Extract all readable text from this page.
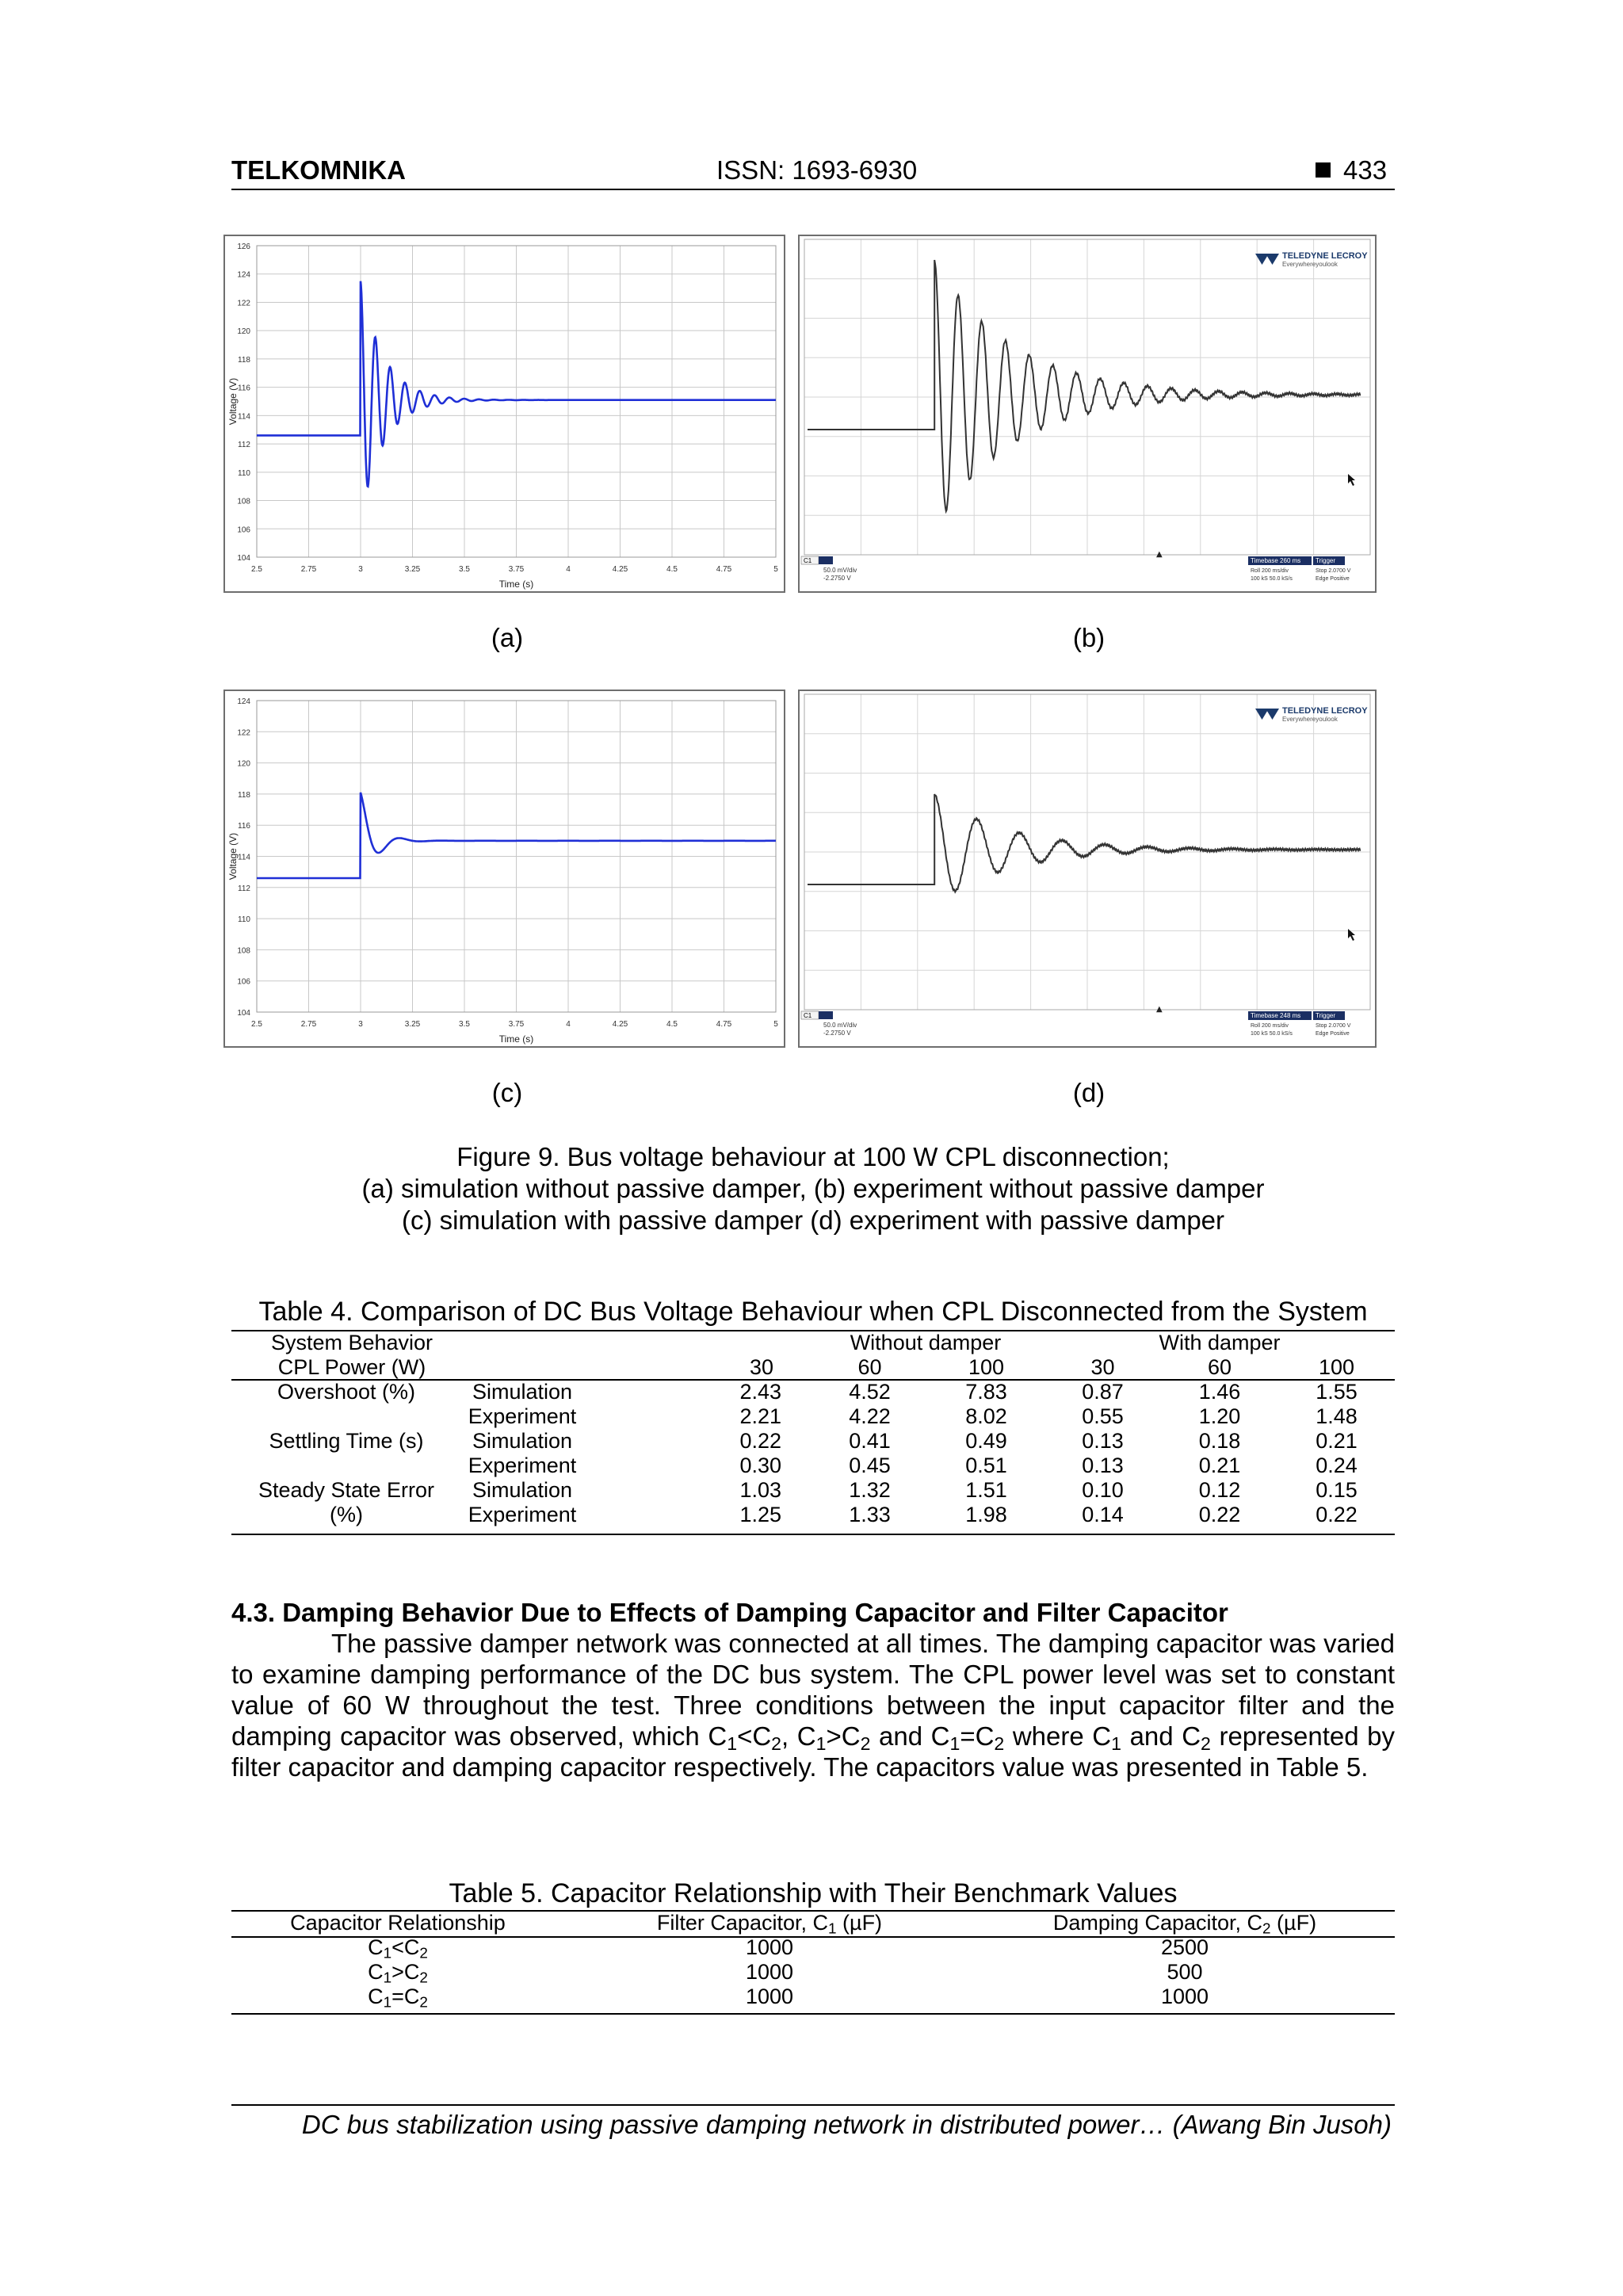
TELKOMNIKA	ISSN: 1693-6930	433
126
124
122
120
118
116
114
112
110
108
106
104
2.5	2.75	3	3.25	3.5	3.75	4	4.25	4.5	4.75	5
Time (s)
Voltage (V)
TELEDYNE LECROY
Everywhereyoulook
▲
C1
50.0 mV/div
-2.2750 V
Timebase 260 ms Trigger
Roll 200 ms/div	Stop 2.0700 V
100 kS 50.0 kS/s	Edge Positive
(a)	(b)
124
122
120
118
116
114
112
110
108
106
104
2.5	2.75	3	3.25	3.5	3.75	4	4.25	4.5	4.75	5
Time (s)
Voltage (V)
TELEDYNE LECROY
Everywhereyoulook
▲
C1
50.0 mV/div
-2.2750 V
Timebase 248 ms Trigger
Roll 200 ms/div	Stop 2.0700 V
100 kS 50.0 kS/s	Edge Positive
(c)	(d)
Figure 9. Bus voltage behaviour at 100 W CPL disconnection;
(a) simulation without passive damper, (b) experiment without passive damper
(c) simulation with passive damper (d) experiment with passive damper
Table 4. Comparison of DC Bus Voltage Behaviour when CPL Disconnected from the System
System Behavior		Without damper			With damper		
CPL Power (W)		30	60	100	30	60	100
Overshoot (%)	Simulation	2.43	4.52	7.83	0.87	1.46	1.55
	Experiment	2.21	4.22	8.02	0.55	1.20	1.48
Settling Time (s)	Simulation	0.22	0.41	0.49	0.13	0.18	0.21
	Experiment	0.30	0.45	0.51	0.13	0.21	0.24
Steady State Error	Simulation	1.03	1.32	1.51	0.10	0.12	0.15
(%)	Experiment	1.25	1.33	1.98	0.14	0.22	0.22
4.3. Damping Behavior Due to Effects of Damping Capacitor and Filter Capacitor
The passive damper network was connected at all times. The damping capacitor was varied to examine damping performance of the DC bus system. The CPL power level was set to constant value of 60 W throughout the test. Three conditions between the input capacitor filter and the damping capacitor was observed, which $C_1<C_2$, $C_1>C_2$ and $C_1=C_2$ where $C_1$ and $C_2$ represented by filter capacitor and damping capacitor respectively. The capacitors value was presented in Table 5.
Table 5. Capacitor Relationship with Their Benchmark Values
Capacitor Relationship	Filter Capacitor, $C_1$ (µF)	Damping Capacitor, $C_2$ (µF)
$C_1<C_2$	1000	2500
$C_1>C_2$	1000	500
$C_1=C_2$	1000	1000
DC bus stabilization using passive damping network in distributed power… (Awang Bin Jusoh)
